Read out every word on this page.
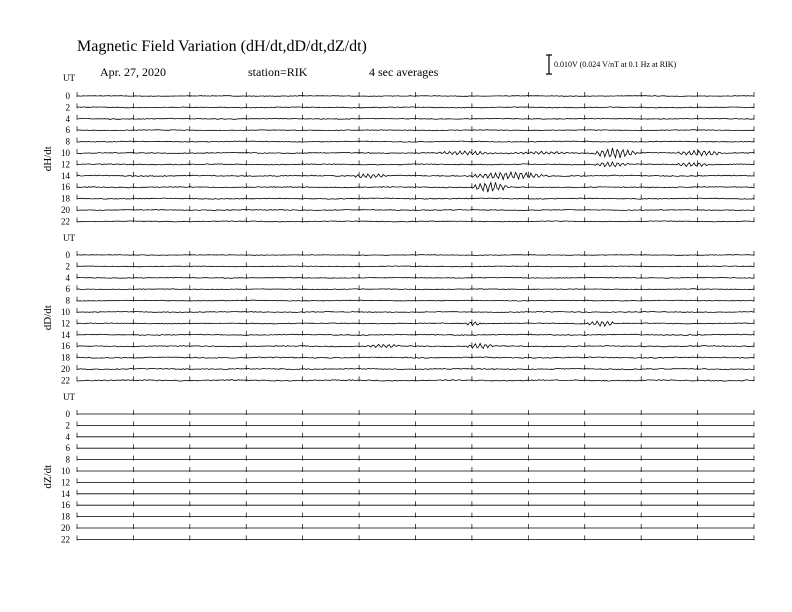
Magnetic Field Variation (dH/dt,dD/dt,dZ/dt)
Apr. 27, 2020	station=RIK	4 sec averages
0.010V (0.024 V/nT at 0.1 Hz at RIK)
UT
dH/dt
0
2
4
6
8
10
12
14
16
18
20
22
UT
dD/dt
0
2
4
6
8
10
12
14
16
18
20
22
UT
dZ/dt
0
2
4
6
8
10
12
14
16
18
20
22
